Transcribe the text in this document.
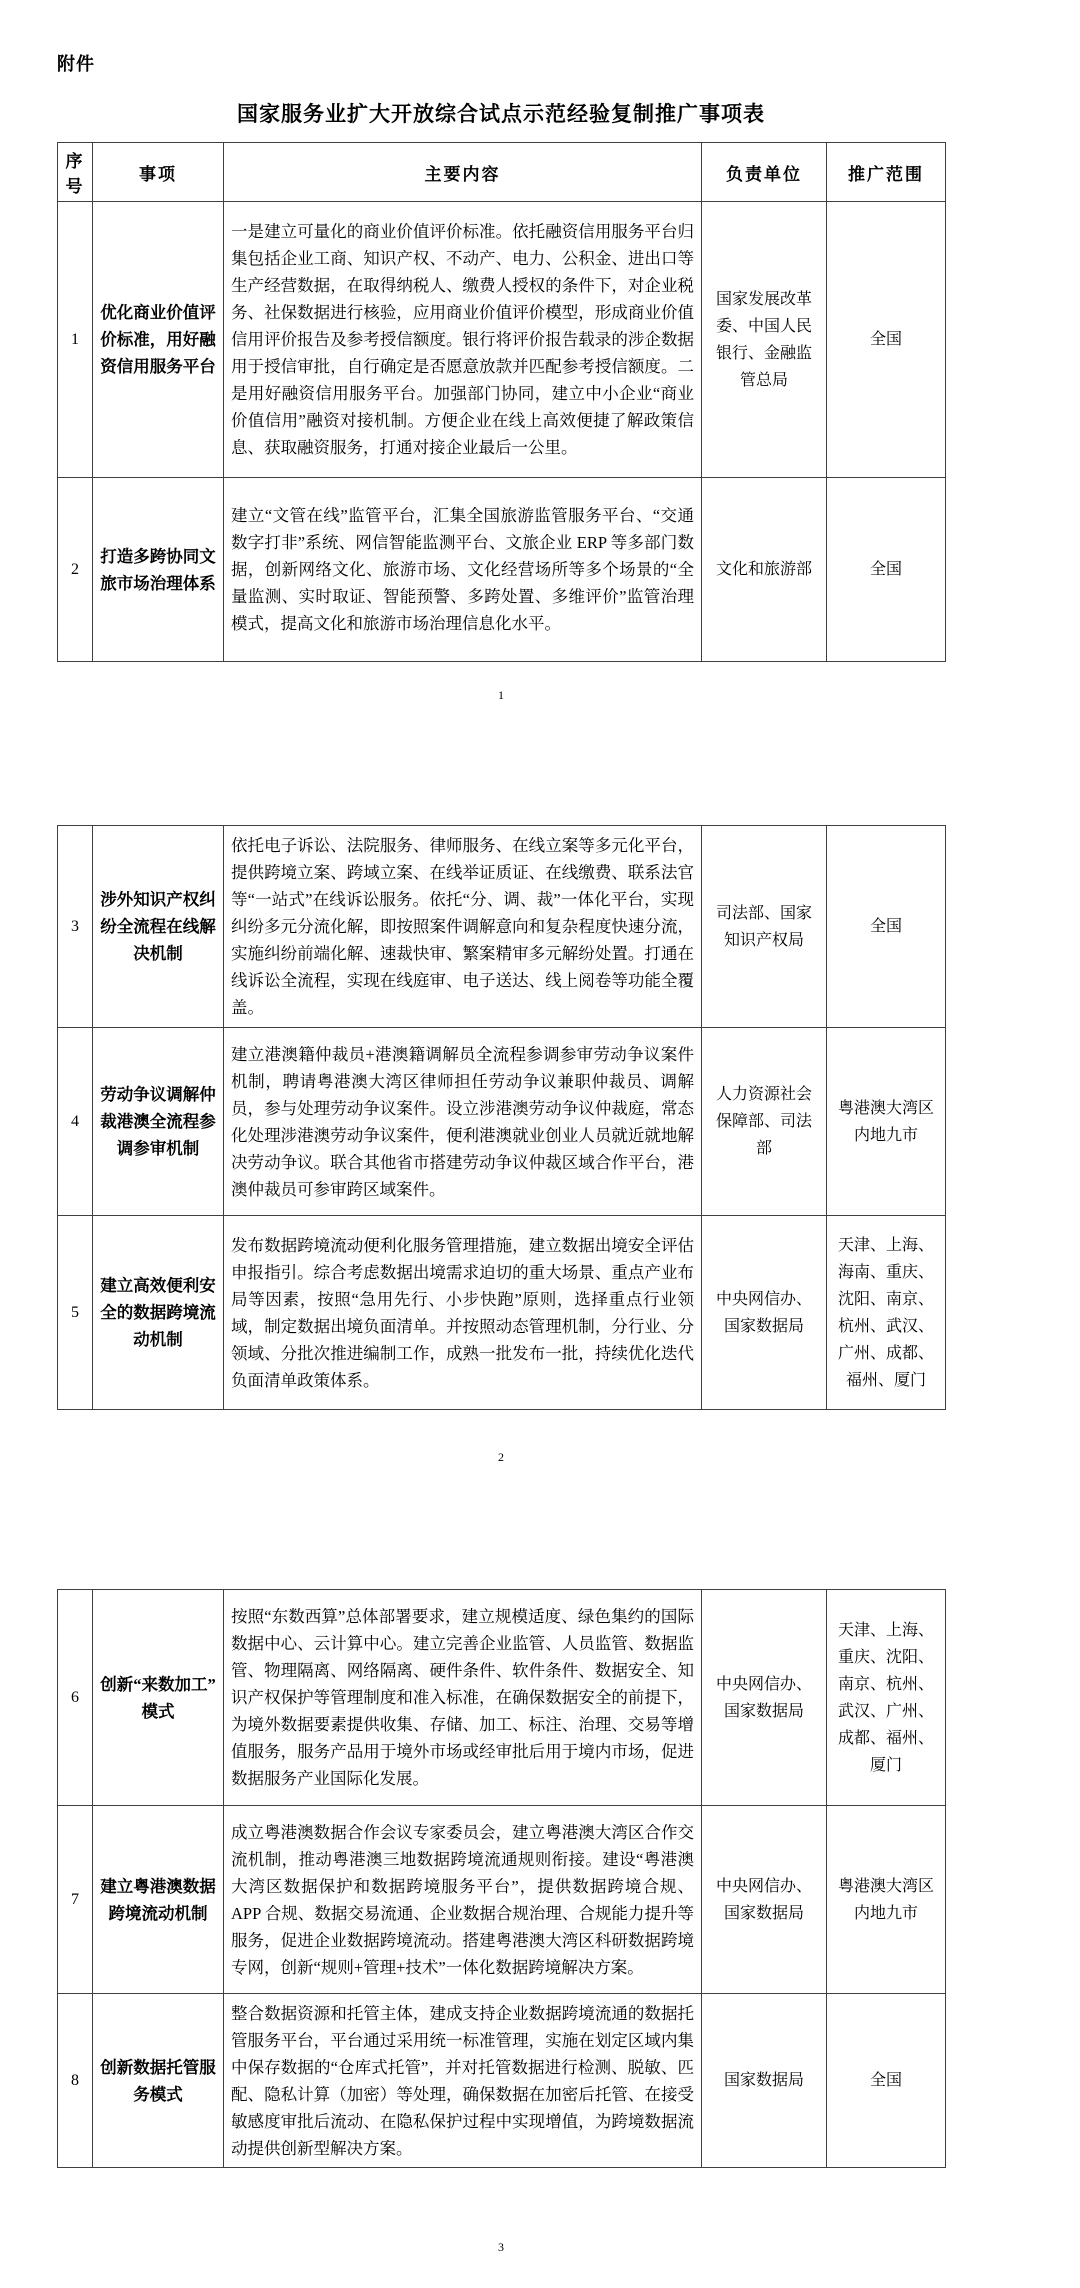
附件
国家服务业扩大开放综合试点示范经验复制推广事项表
序号	事项	主要内容	负责单位	推广范围
1	优化商业价值评价标准，用好融资信用服务平台	一是建立可量化的商业价值评价标准。依托融资信用服务平台归集包括企业工商、知识产权、不动产、电力、公积金、进出口等生产经营数据，在取得纳税人、缴费人授权的条件下，对企业税务、社保数据进行核验，应用商业价值评价模型，形成商业价值信用评价报告及参考授信额度。银行将评价报告载录的涉企数据用于授信审批，自行确定是否愿意放款并匹配参考授信额度。二是用好融资信用服务平台。加强部门协同，建立中小企业“商业价值信用”融资对接机制。方便企业在线上高效便捷了解政策信息、获取融资服务，打通对接企业最后一公里。	国家发展改革委、中国人民银行、金融监管总局	全国
2	打造多跨协同文旅市场治理体系	建立“文管在线”监管平台，汇集全国旅游监管服务平台、“交通数字打非”系统、网信智能监测平台、文旅企业 ERP 等多部门数据，创新网络文化、旅游市场、文化经营场所等多个场景的“全量监测、实时取证、智能预警、多跨处置、多维评价”监管治理模式，提高文化和旅游市场治理信息化水平。	文化和旅游部	全国
1
3	涉外知识产权纠纷全流程在线解决机制	依托电子诉讼、法院服务、律师服务、在线立案等多元化平台，提供跨境立案、跨域立案、在线举证质证、在线缴费、联系法官等“一站式”在线诉讼服务。依托“分、调、裁”一体化平台，实现纠纷多元分流化解，即按照案件调解意向和复杂程度快速分流，实施纠纷前端化解、速裁快审、繁案精审多元解纷处置。打通在线诉讼全流程，实现在线庭审、电子送达、线上阅卷等功能全覆盖。	司法部、国家知识产权局	全国
4	劳动争议调解仲裁港澳全流程参调参审机制	建立港澳籍仲裁员+港澳籍调解员全流程参调参审劳动争议案件机制，聘请粤港澳大湾区律师担任劳动争议兼职仲裁员、调解员，参与处理劳动争议案件。设立涉港澳劳动争议仲裁庭，常态化处理涉港澳劳动争议案件，便利港澳就业创业人员就近就地解决劳动争议。联合其他省市搭建劳动争议仲裁区域合作平台，港澳仲裁员可参审跨区域案件。	人力资源社会保障部、司法部	粤港澳大湾区内地九市
5	建立高效便利安全的数据跨境流动机制	发布数据跨境流动便利化服务管理措施，建立数据出境安全评估申报指引。综合考虑数据出境需求迫切的重大场景、重点产业布局等因素，按照“急用先行、小步快跑”原则，选择重点行业领域，制定数据出境负面清单。并按照动态管理机制，分行业、分领域、分批次推进编制工作，成熟一批发布一批，持续优化迭代负面清单政策体系。	中央网信办、国家数据局	天津、上海、海南、重庆、沈阳、南京、杭州、武汉、广州、成都、福州、厦门
2
6	创新“来数加工”模式	按照“东数西算”总体部署要求，建立规模适度、绿色集约的国际数据中心、云计算中心。建立完善企业监管、人员监管、数据监管、物理隔离、网络隔离、硬件条件、软件条件、数据安全、知识产权保护等管理制度和准入标准，在确保数据安全的前提下，为境外数据要素提供收集、存储、加工、标注、治理、交易等增值服务，服务产品用于境外市场或经审批后用于境内市场，促进数据服务产业国际化发展。	中央网信办、国家数据局	天津、上海、重庆、沈阳、南京、杭州、武汉、广州、成都、福州、厦门
7	建立粤港澳数据跨境流动机制	成立粤港澳数据合作会议专家委员会，建立粤港澳大湾区合作交流机制，推动粤港澳三地数据跨境流通规则衔接。建设“粤港澳大湾区数据保护和数据跨境服务平台”，提供数据跨境合规、APP 合规、数据交易流通、企业数据合规治理、合规能力提升等服务，促进企业数据跨境流动。搭建粤港澳大湾区科研数据跨境专网，创新“规则+管理+技术”一体化数据跨境解决方案。	中央网信办、国家数据局	粤港澳大湾区内地九市
8	创新数据托管服务模式	整合数据资源和托管主体，建成支持企业数据跨境流通的数据托管服务平台，平台通过采用统一标准管理，实施在划定区域内集中保存数据的“仓库式托管”，并对托管数据进行检测、脱敏、匹配、隐私计算（加密）等处理，确保数据在加密后托管、在接受敏感度审批后流动、在隐私保护过程中实现增值，为跨境数据流动提供创新型解决方案。	国家数据局	全国
3
